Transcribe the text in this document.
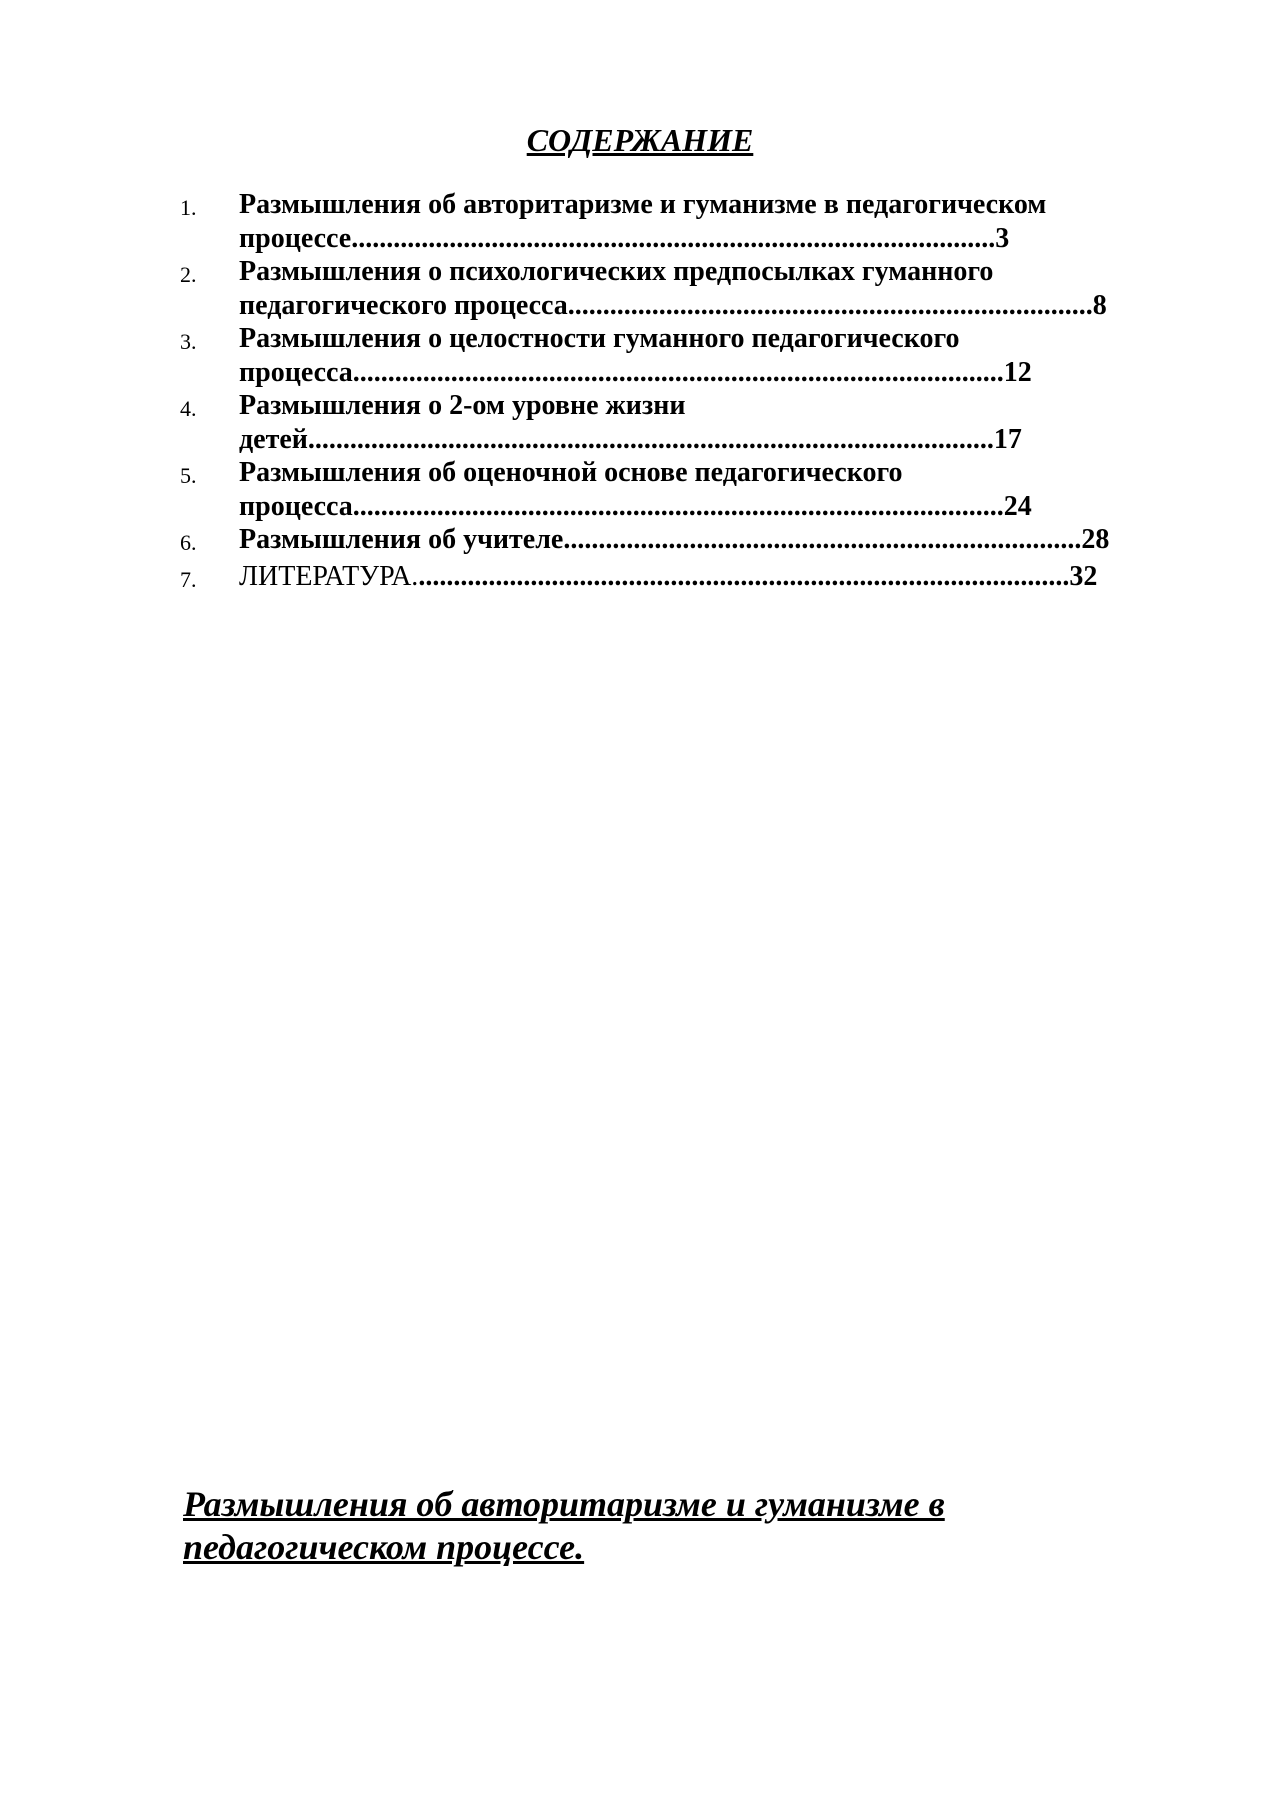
СОДЕРЖАНИЕ
1.	Размышления об авторитаризме и гуманизме в педагогическом процессе............................................................................................3
2.	Размышления о психологических предпосылках гуманного педагогического процесса...........................................................................8
3.	Размышления о целостности гуманного педагогического процесса.............................................................................................12
4.	Размышления о 2-ом уровне жизни детей..................................................................................................17
5.	Размышления об оценочной основе педагогического процесса.............................................................................................24
6.	Размышления об учителе..........................................................................28
7.	ЛИТЕРАТУРА..............................................................................................32
Размышления об авторитаризме и гуманизме в педагогическом процессе.
